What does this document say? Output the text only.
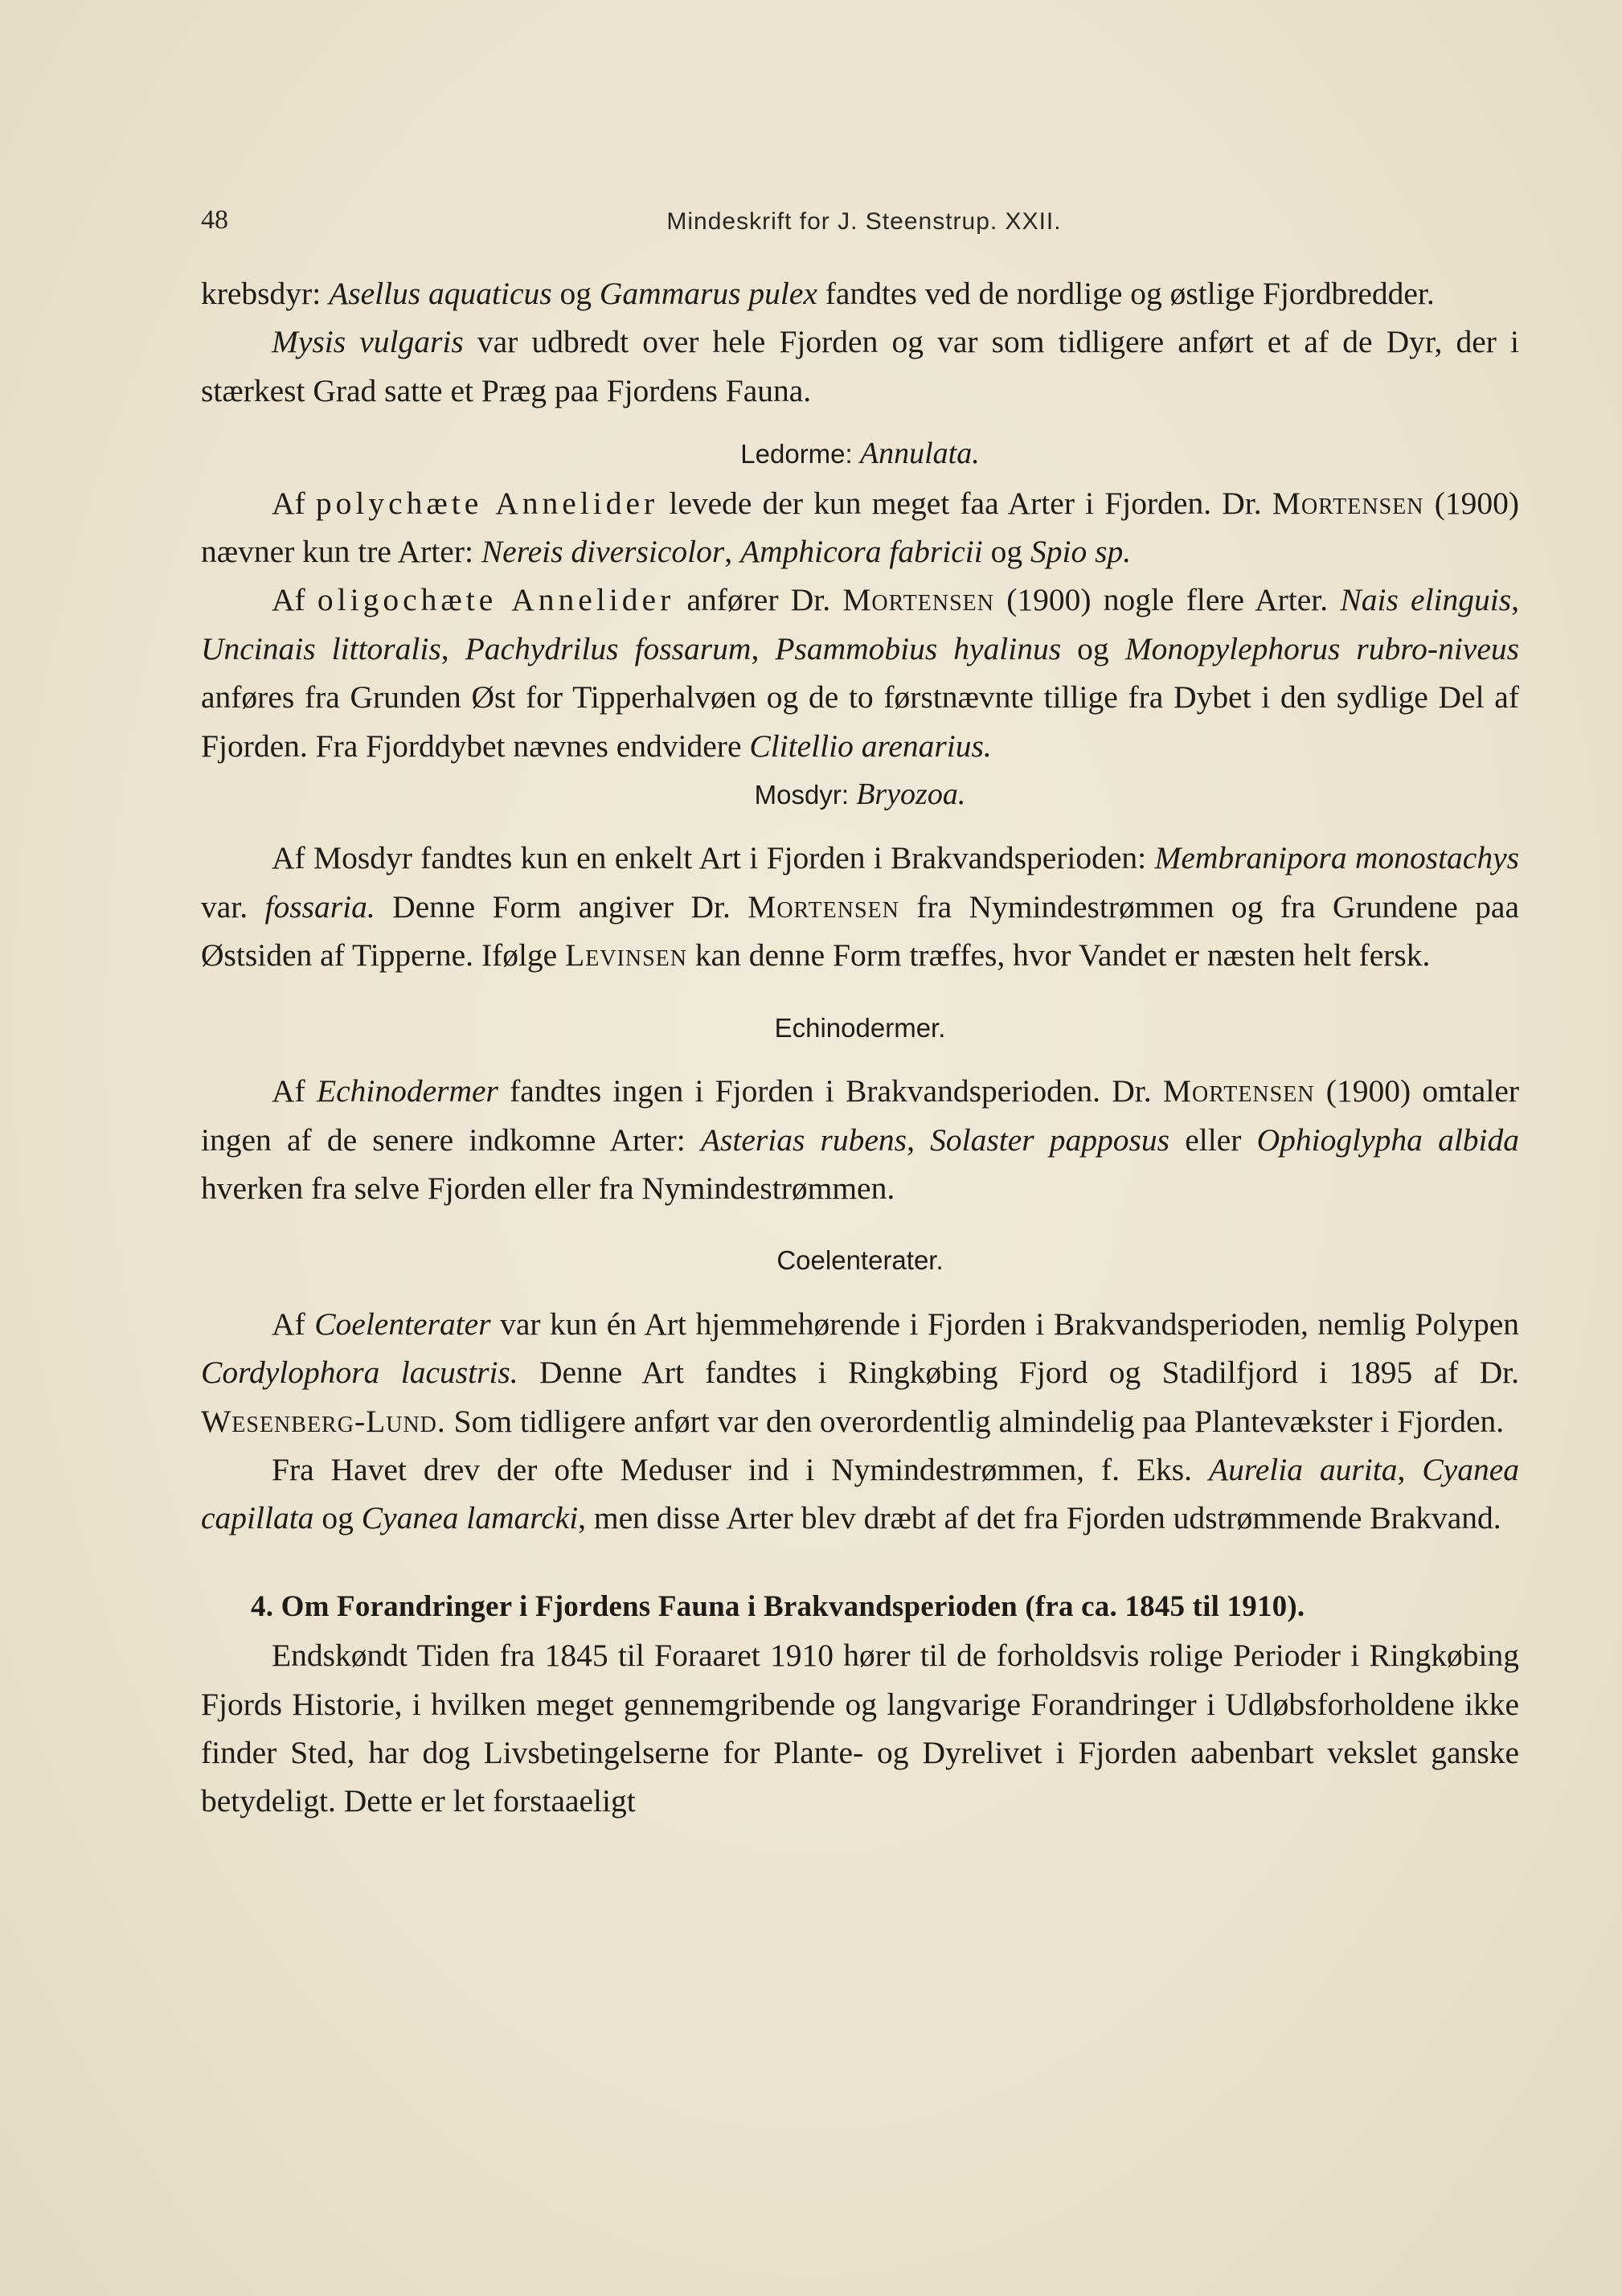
48	Mindeskrift for J. Steenstrup. XXII.

krebsdyr: Asellus aquaticus og Gammarus pulex fandtes ved de nordlige og østlige Fjordbredder.

Mysis vulgaris var udbredt over hele Fjorden og var som tidligere anført et af de Dyr, der i stærkest Grad satte et Præg paa Fjordens Fauna.

Ledorme: Annulata.

Af polychæte Annelider levede der kun meget faa Arter i Fjorden. Dr. Mortensen (1900) nævner kun tre Arter: Nereis diversicolor, Amphicora fabricii og Spio sp.

Af oligochæte Annelider anfører Dr. Mortensen (1900) nogle flere Arter. Nais elinguis, Uncinais littoralis, Pachydrilus fossarum, Psammobius hyalinus og Monopylephorus rubro-niveus anføres fra Grunden Øst for Tipperhalvøen og de to førstnævnte tillige fra Dybet i den sydlige Del af Fjorden. Fra Fjorddybet nævnes endvidere Clitellio arenarius.

Mosdyr: Bryozoa.

Af Mosdyr fandtes kun en enkelt Art i Fjorden i Brakvandsperioden: Membranipora monostachys var. fossaria. Denne Form angiver Dr. Mortensen fra Nymindestrømmen og fra Grundene paa Østsiden af Tipperne. Ifølge Levinsen kan denne Form træffes, hvor Vandet er næsten helt fersk.

Echinodermer.

Af Echinodermer fandtes ingen i Fjorden i Brakvandsperioden. Dr. Mortensen (1900) omtaler ingen af de senere indkomne Arter: Asterias rubens, Solaster papposus eller Ophioglypha albida hverken fra selve Fjorden eller fra Nymindestrømmen.

Coelenterater.

Af Coelenterater var kun én Art hjemmehørende i Fjorden i Brakvandsperioden, nemlig Polypen Cordylophora lacustris. Denne Art fandtes i Ringkøbing Fjord og Stadilfjord i 1895 af Dr. Wesenberg-Lund. Som tidligere anført var den overordentlig almindelig paa Plantevækster i Fjorden.

Fra Havet drev der ofte Meduser ind i Nymindestrømmen, f. Eks. Aurelia aurita, Cyanea capillata og Cyanea lamarcki, men disse Arter blev dræbt af det fra Fjorden udstrømmende Brakvand.

4. Om Forandringer i Fjordens Fauna i Brakvandsperioden (fra ca. 1845 til 1910).

Endskøndt Tiden fra 1845 til Foraaret 1910 hører til de forholdsvis rolige Perioder i Ringkøbing Fjords Historie, i hvilken meget gennemgribende og langvarige Forandringer i Udløbsforholdene ikke finder Sted, har dog Livsbetingelserne for Plante- og Dyrelivet i Fjorden aabenbart vekslet ganske betydeligt. Dette er let forstaaeligt
